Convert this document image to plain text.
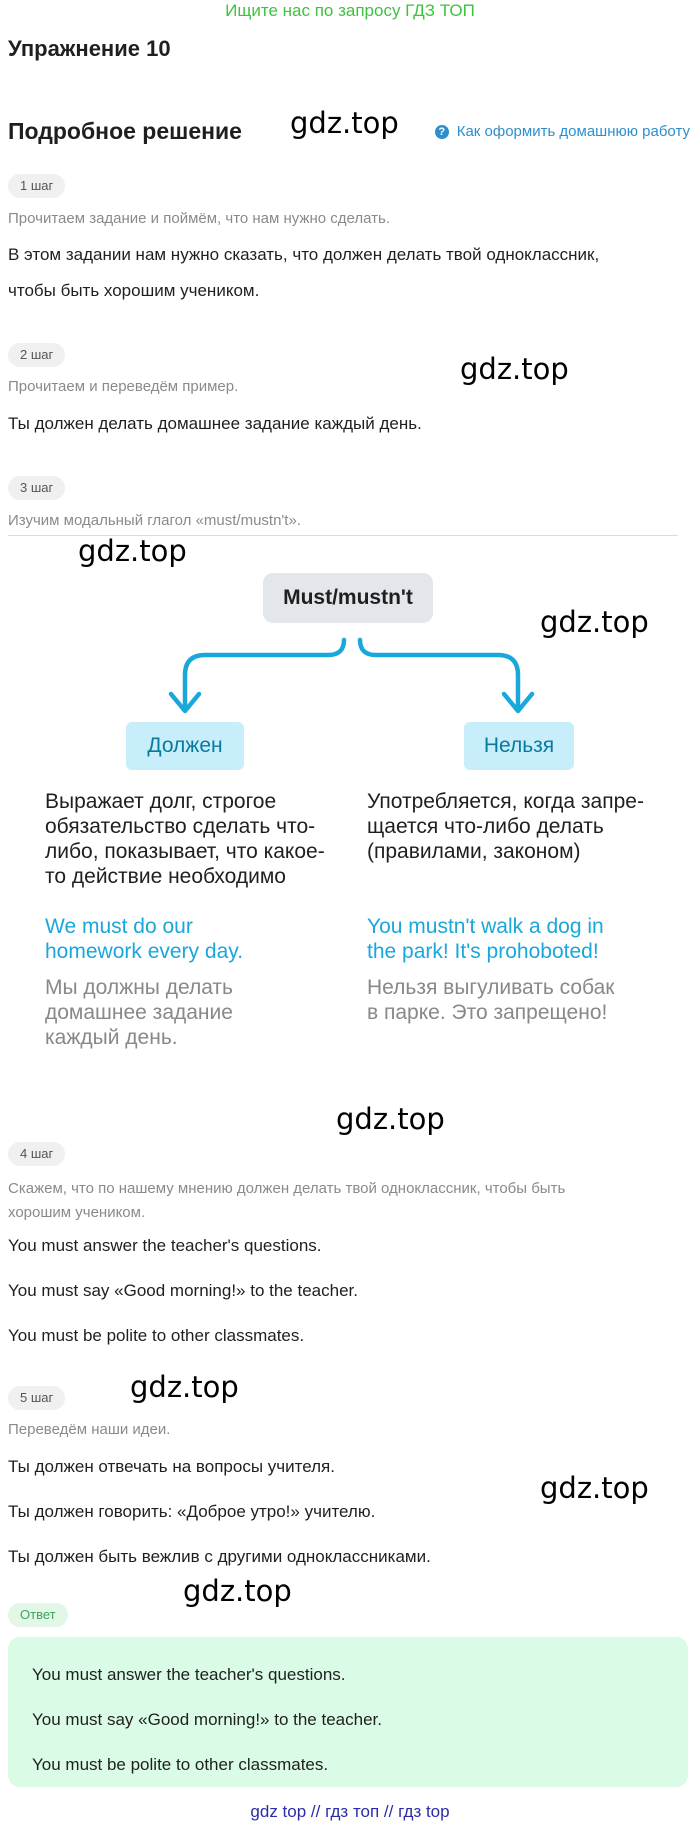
Ищите нас по запросу ГДЗ ТОП
Упражнение 10
Подробное решение gdz.top	? Как оформить домашнюю работу
1 шаг
Прочитаем задание и поймём, что нам нужно сделать.
В этом задании нам нужно сказать, что должен делать твой одноклассник,
чтобы быть хорошим учеником.
2 шаг	gdz.top
Прочитаем и переведём пример.
Ты должен делать домашнее задание каждый день.
3 шаг
Изучим модальный глагол «must/mustn't».
gdz.top
gdz.top
Must/mustn't
Должен	Нельзя
Выражает долг, строгое
обязательство сделать что-
либо, показывает, что какое-
то действие необходимо
We must do our
homework every day.
Мы должны делать
домашнее задание
каждый день.
Употребляется, когда запре-
щается что-либо делать
(правилами, законом)
You mustn't walk a dog in
the park! It's prohoboted!
Нельзя выгуливать собак
в парке. Это запрещено!
gdz.top
4 шаг
Скажем, что по нашему мнению должен делать твой одноклассник, чтобы быть
хорошим учеником.
You must answer the teacher's questions.
You must say «Good morning!» to the teacher.
You must be polite to other classmates.
5 шаг	gdz.top
Переведём наши идеи.
Ты должен отвечать на вопросы учителя.
gdz.top
Ты должен говорить: «Доброе утро!» учителю.
Ты должен быть вежлив с другими одноклассниками.
gdz.top
Ответ
You must answer the teacher's questions.
You must say «Good morning!» to the teacher.
You must be polite to other classmates.
gdz top // гдз топ // гдз top
